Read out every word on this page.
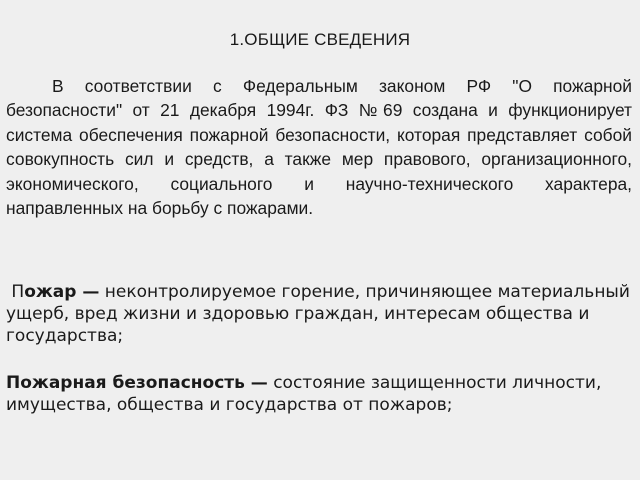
1.ОБЩИЕ СВЕДЕНИЯ

В соответствии с Федеральным законом РФ "О пожарной безопасности" от 21 декабря 1994г. ФЗ №69 создана и функционирует система обеспечения пожарной безопасности, которая представляет собой совокупность сил и средств, а также мер правового, организационного, экономического, социального и научно-технического характера, направленных на борьбу с пожарами.

Пожар — неконтролируемое горение, причиняющее материальный ущерб, вред жизни и здоровью граждан, интересам общества и государства;

Пожарная безопасность — состояние защищенности личности, имущества, общества и государства от пожаров;
